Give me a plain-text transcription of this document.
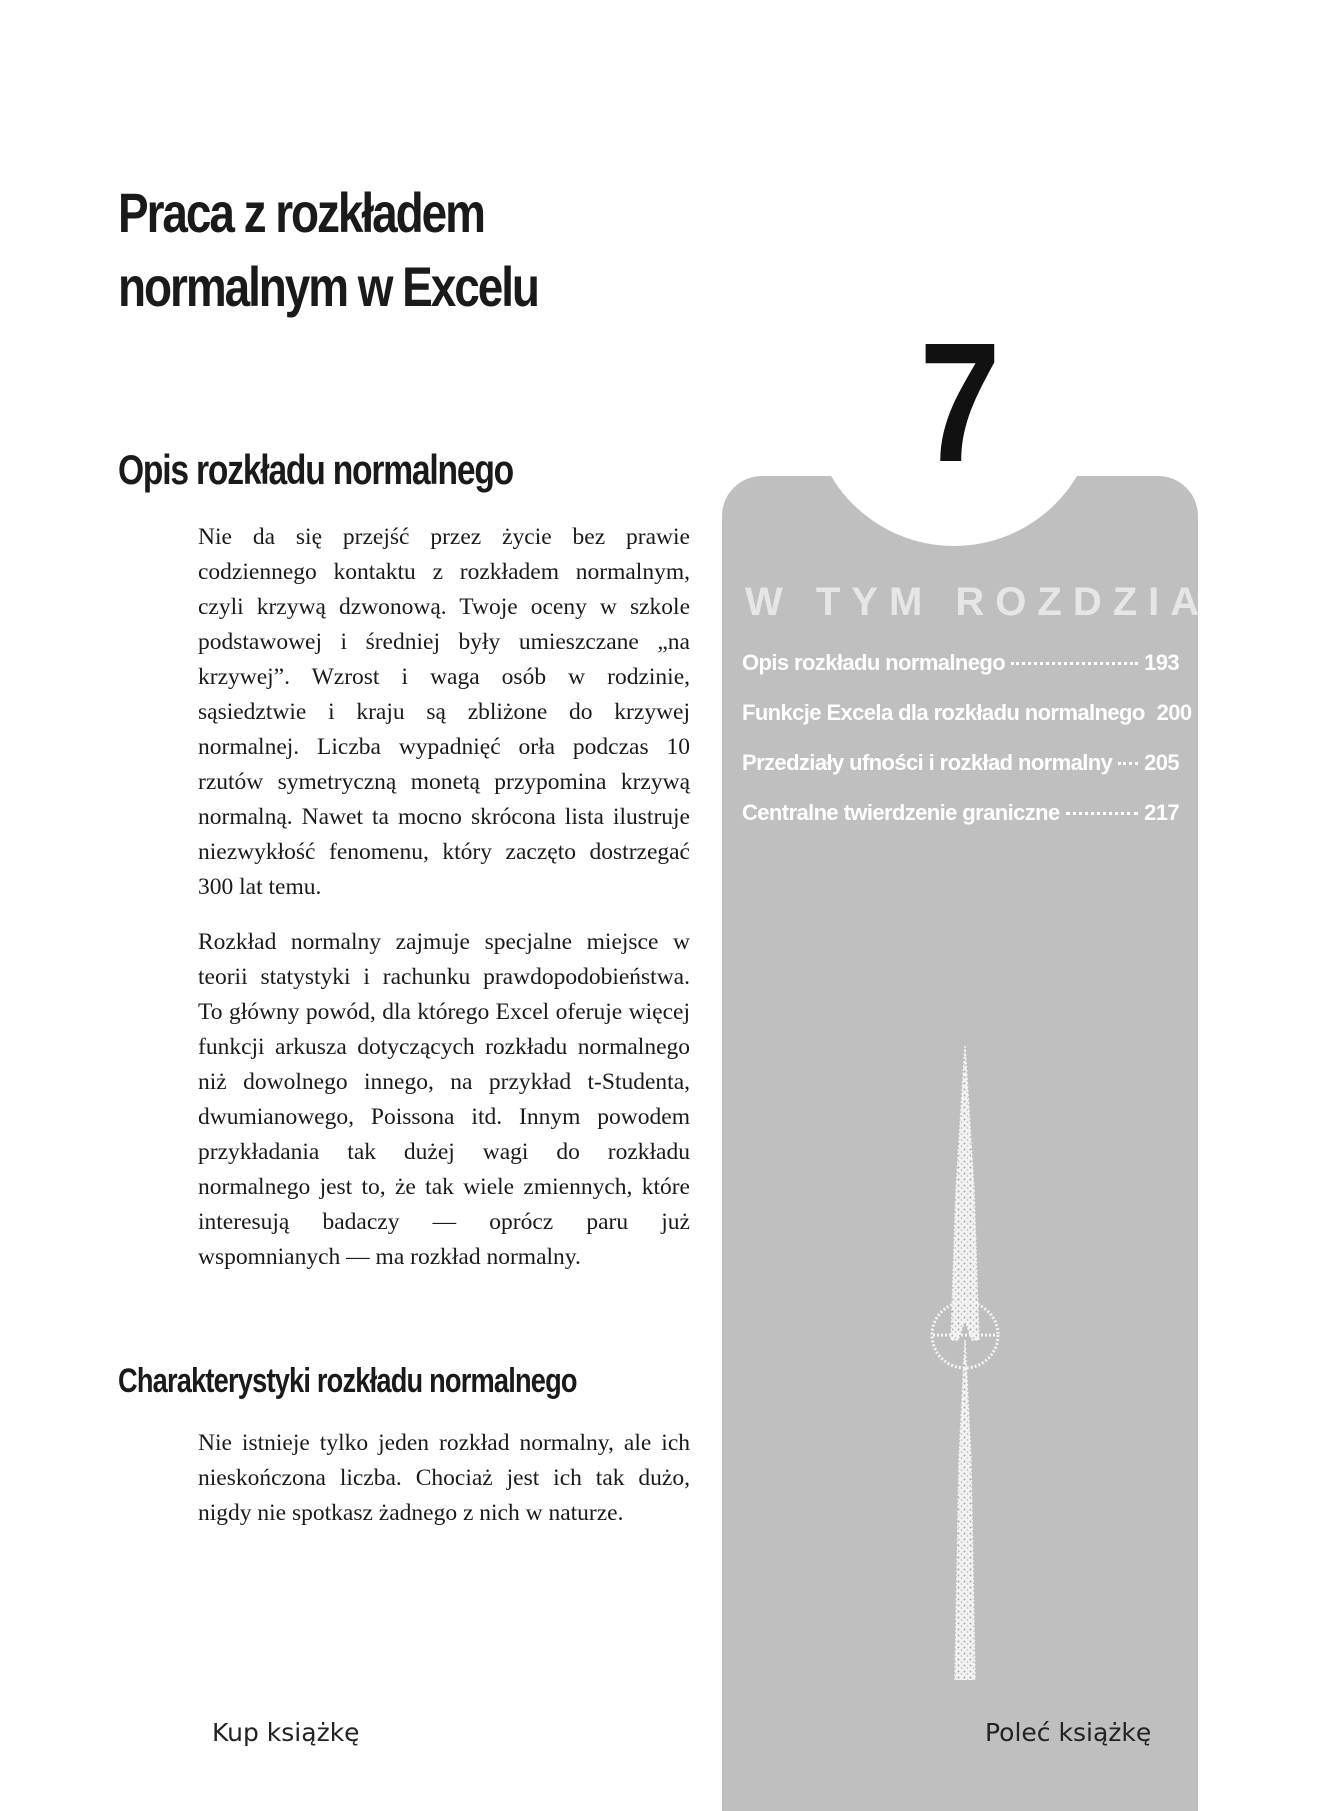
Praca z rozkładem normalnym w Excelu
Opis rozkładu normalnego

Nie da się przejść przez życie bez prawie codziennego kontaktu z rozkładem normalnym, czyli krzywą dzwonową. Twoje oceny w szkole podstawowej i średniej były umieszczane „na krzywej”. Wzrost i waga osób w rodzinie, sąsiedztwie i kraju są zbliżone do krzywej normalnej. Liczba wypadnięć orła podczas 10 rzutów symetryczną monetą przypomina krzywą normalną. Nawet ta mocno skrócona lista ilustruje niezwykłość fenomenu, który zaczęto dostrzegać 300 lat temu.

Rozkład normalny zajmuje specjalne miejsce w teorii statystyki i rachunku prawdopodobieństwa. To główny powód, dla którego Excel oferuje więcej funkcji arkusza dotyczących rozkładu normalnego niż dowolnego innego, na przykład t-Studenta, dwumianowego, Poissona itd. Innym powodem przykładania tak dużej wagi do rozkładu normalnego jest to, że tak wiele zmiennych, które interesują badaczy — oprócz paru już wspomnianych — ma rozkład normalny.

Charakterystyki rozkładu normalnego

Nie istnieje tylko jeden rozkład normalny, ale ich nieskończona liczba. Chociaż jest ich tak dużo, nigdy nie spotkasz żadnego z nich w naturze.

7
W TYM ROZDZIALE:
Opis rozkładu normalnego	193
Funkcje Excela dla rozkładu normalnego 200
Przedziały ufności i rozkład normalny 205
Centralne twierdzenie graniczne	217
Kup książkę	Poleć książkę
